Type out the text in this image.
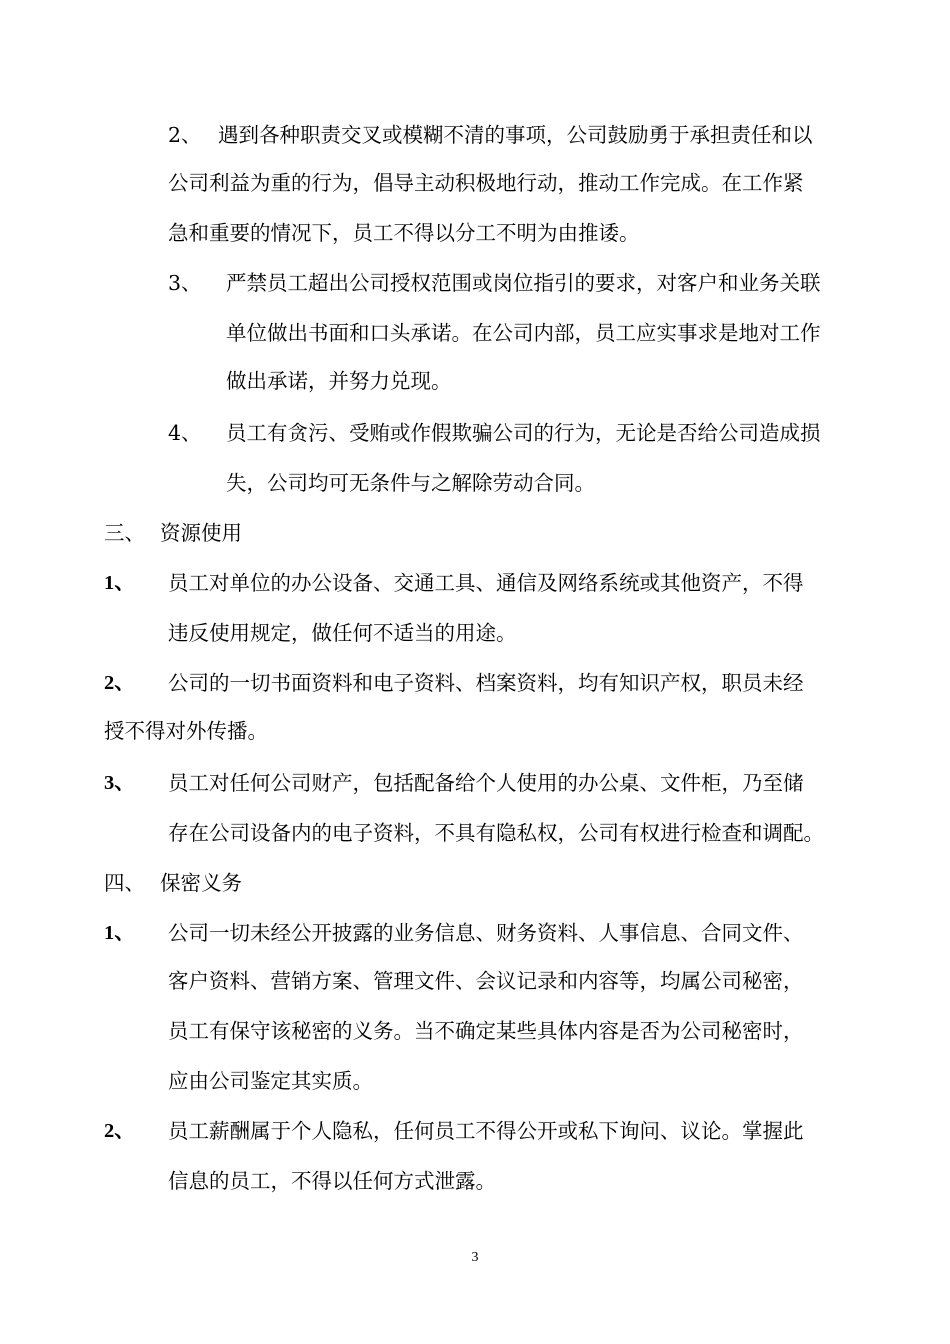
2、 遇到各种职责交叉或模糊不清的事项，公司鼓励勇于承担责任和以
公司利益为重的行为，倡导主动积极地行动，推动工作完成。在工作紧
急和重要的情况下，员工不得以分工不明为由推诿。
3、 严禁员工超出公司授权范围或岗位指引的要求，对客户和业务关联
单位做出书面和口头承诺。在公司内部，员工应实事求是地对工作
做出承诺，并努力兑现。
4、 员工有贪污、受贿或作假欺骗公司的行为，无论是否给公司造成损
失，公司均可无条件与之解除劳动合同。
三、 资源使用
1、 员工对单位的办公设备、交通工具、通信及网络系统或其他资产，不得
违反使用规定，做任何不适当的用途。
2、 公司的一切书面资料和电子资料、档案资料，均有知识产权，职员未经
授不得对外传播。
3、 员工对任何公司财产，包括配备给个人使用的办公桌、文件柜，乃至储
存在公司设备内的电子资料，不具有隐私权，公司有权进行检查和调配。
四、 保密义务
1、 公司一切未经公开披露的业务信息、财务资料、人事信息、合同文件、
客户资料、营销方案、管理文件、会议记录和内容等，均属公司秘密，
员工有保守该秘密的义务。当不确定某些具体内容是否为公司秘密时，
应由公司鉴定其实质。
2、 员工薪酬属于个人隐私，任何员工不得公开或私下询问、议论。掌握此
信息的员工，不得以任何方式泄露。
3
